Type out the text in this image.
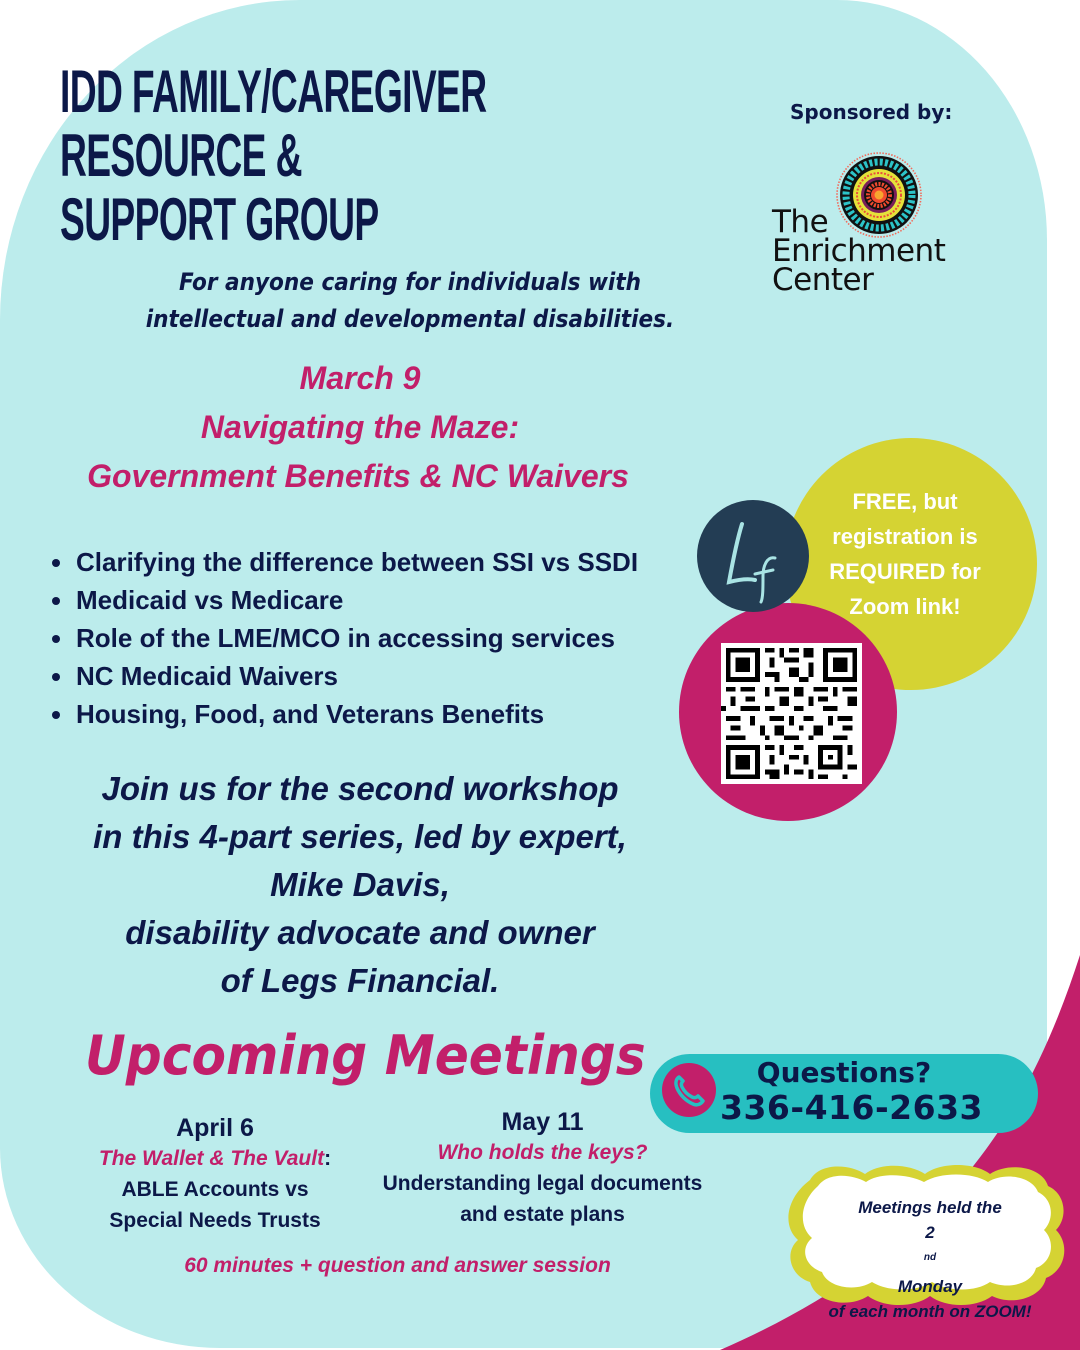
IDD FAMILY/CAREGIVER
RESOURCE &
SUPPORT GROUP
For anyone caring for individuals with intellectual and developmental disabilities.
Sponsored by:
The
Enrichment
Center
March 9
Navigating the Maze:
Government Benefits & NC Waivers
Clarifying the difference between SSI vs SSDI
Medicaid vs Medicare
Role of the LME/MCO in accessing services
NC Medicaid Waivers
Housing, Food, and Veterans Benefits
FREE, but
registration is
REQUIRED for
Zoom link!
Join us for the second workshop
in this 4-part series, led by expert,
Mike Davis,
disability advocate and owner
of Legs Financial.
Upcoming Meetings
April 6
The Wallet & The Vault:
ABLE Accounts vs
Special Needs Trusts
May 11
Who holds the keys?
Understanding legal documents
and estate plans
60 minutes + question and answer session
Questions?
336-416-2633
Meetings held the
2
$^{nd}$
Monday
of each month on ZOOM!
